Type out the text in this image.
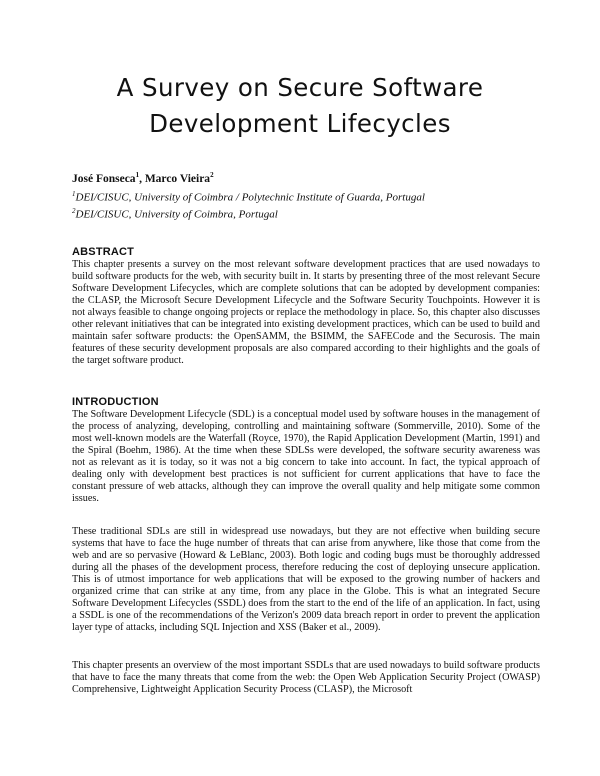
A Survey on Secure Software
Development Lifecycles
José Fonseca$^1$, Marco Vieira$^2$
$^1$DEI/CISUC, University of Coimbra / Polytechnic Institute of Guarda, Portugal
$^2$DEI/CISUC, University of Coimbra, Portugal
ABSTRACT

This chapter presents a survey on the most relevant software development practices that are used nowadays to build software products for the web, with security built in. It starts by presenting three of the most relevant Secure Software Development Lifecycles, which are complete solutions that can be adopted by development companies: the CLASP, the Microsoft Secure Development Lifecycle and the Software Security Touchpoints. However it is not always feasible to change ongoing projects or replace the methodology in place. So, this chapter also discusses other relevant initiatives that can be integrated into existing development practices, which can be used to build and maintain safer software products: the OpenSAMM, the BSIMM, the SAFECode and the Securosis. The main features of these security development proposals are also compared according to their highlights and the goals of the target software product.

INTRODUCTION

The Software Development Lifecycle (SDL) is a conceptual model used by software houses in the management of the process of analyzing, developing, controlling and maintaining software (Sommerville, 2010). Some of the most well-known models are the Waterfall (Royce, 1970), the Rapid Application Development (Martin, 1991) and the Spiral (Boehm, 1986). At the time when these SDLSs were developed, the software security awareness was not as relevant as it is today, so it was not a big concern to take into account. In fact, the typical approach of dealing only with development best practices is not sufficient for current applications that have to face the constant pressure of web attacks, although they can improve the overall quality and help mitigate some common issues.

These traditional SDLs are still in widespread use nowadays, but they are not effective when building secure systems that have to face the huge number of threats that can arise from anywhere, like those that come from the web and are so pervasive (Howard & LeBlanc, 2003). Both logic and coding bugs must be thoroughly addressed during all the phases of the development process, therefore reducing the cost of deploying unsecure application. This is of utmost importance for web applications that will be exposed to the growing number of hackers and organized crime that can strike at any time, from any place in the Globe. This is what an integrated Secure Software Development Lifecycles (SSDL) does from the start to the end of the life of an application. In fact, using a SSDL is one of the recommendations of the Verizon's 2009 data breach report in order to prevent the application layer type of attacks, including SQL Injection and XSS (Baker et al., 2009).

This chapter presents an overview of the most important SSDLs that are used nowadays to build software products that have to face the many threats that come from the web: the Open Web Application Security Project (OWASP) Comprehensive, Lightweight Application Security Process (CLASP), the Microsoft
